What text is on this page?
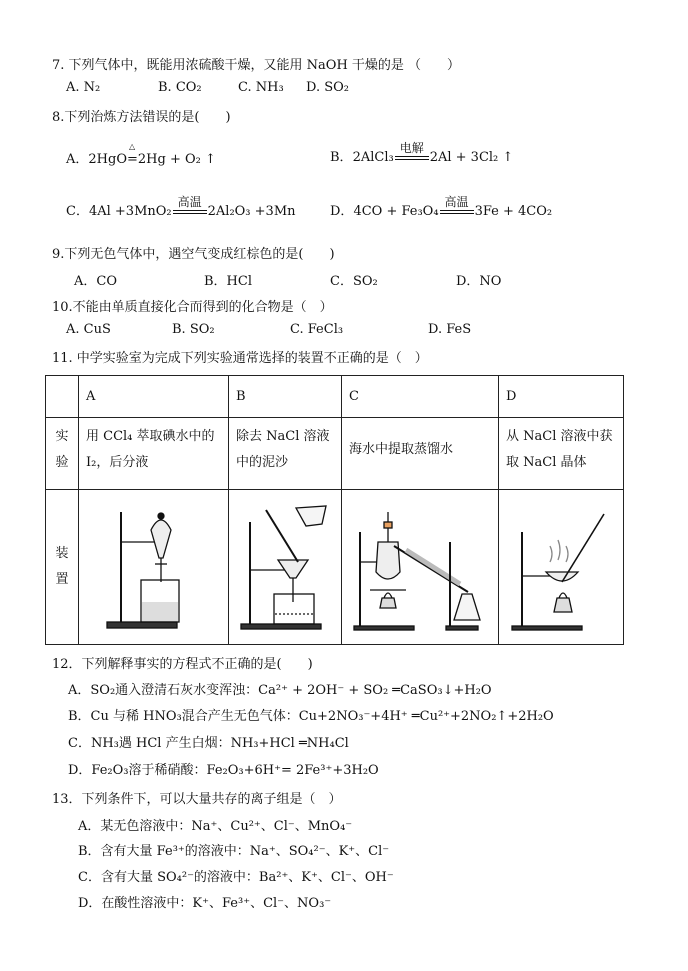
7. 下列气体中，既能用浓硫酸干燥，又能用 NaOH 干燥的是 （　　）
A. N₂	B. CO₂	C. NH₃ D. SO₂
8.下列治炼方法错误的是(　　)
A．2HgO
△
=2Hg + O₂ ↑	B．2AlCl₃
电解
2Al + 3Cl₂ ↑
C．4Al +3MnO₂
高温
2Al₂O₃ +3Mn	D．4CO + Fe₃O₄
高温
3Fe + 4CO₂
9.下列无色气体中，遇空气变成红棕色的是(　　)
A．CO	B．HCl	C．SO₂	D．NO
10.不能由单质直接化合而得到的化合物是（　）
A. CuS	B. SO₂	C. FeCl₃	D. FeS
11. 中学实验室为完成下列实验通常选择的装置不正确的是（　）
	A	B	C	D

实
验	用 CCl₄ 萃取碘水中的 I₂，后分液	除去 NaCl 溶液中的泥沙	海水中提取蒸馏水	从 NaCl 溶液中获取 NaCl 晶体

装
置

12．下列解释事实的方程式不正确的是(　　)
A．SO₂通入澄清石灰水变浑浊：Ca²⁺ + 2OH⁻ + SO₂ ═CaSO₃↓+H₂O
B．Cu 与稀 HNO₃混合产生无色气体：Cu+2NO₃⁻+4H⁺ ═Cu²⁺+2NO₂↑+2H₂O
C．NH₃遇 HCl 产生白烟：NH₃+HCl ═NH₄Cl
D．Fe₂O₃溶于稀硝酸：Fe₂O₃+6H⁺= 2Fe³⁺+3H₂O
13．下列条件下，可以大量共存的离子组是（　）
A．某无色溶液中：Na⁺、Cu²⁺、Cl⁻、MnO₄⁻
B．含有大量 Fe³⁺的溶液中：Na⁺、SO₄²⁻、K⁺、Cl⁻
C．含有大量 SO₄²⁻的溶液中：Ba²⁺、K⁺、Cl⁻、OH⁻
D．在酸性溶液中：K⁺、Fe³⁺、Cl⁻、NO₃⁻
